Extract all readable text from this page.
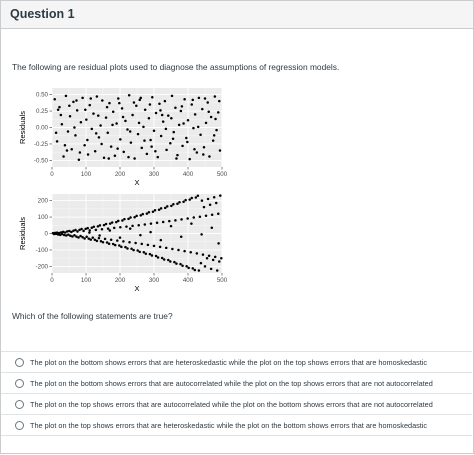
Question 1
The following are residual plots used to diagnose the assumptions of regression models.
0	100	200	300	400	500
-0.50
-0.25
0.00
0.25
0.50
X
Residuals
0	100	200	300	400	500
-200
-100
0
100
200
X
Residuals
Which of the following statements are true?
The plot on the bottom shows errors that are heteroskedastic while the plot on the top shows errors that are homoskedastic
The plot on the bottom shows errors that are autocorrelated while the plot on the top shows errors that are not autocorrelated
The plot on the top shows errors that are autocorrelated while the plot on the bottom shows errors that are not autocorrelated
The plot on the top shows errors that are heteroskedastic while the plot on the bottom shows errors that are homoskedastic
